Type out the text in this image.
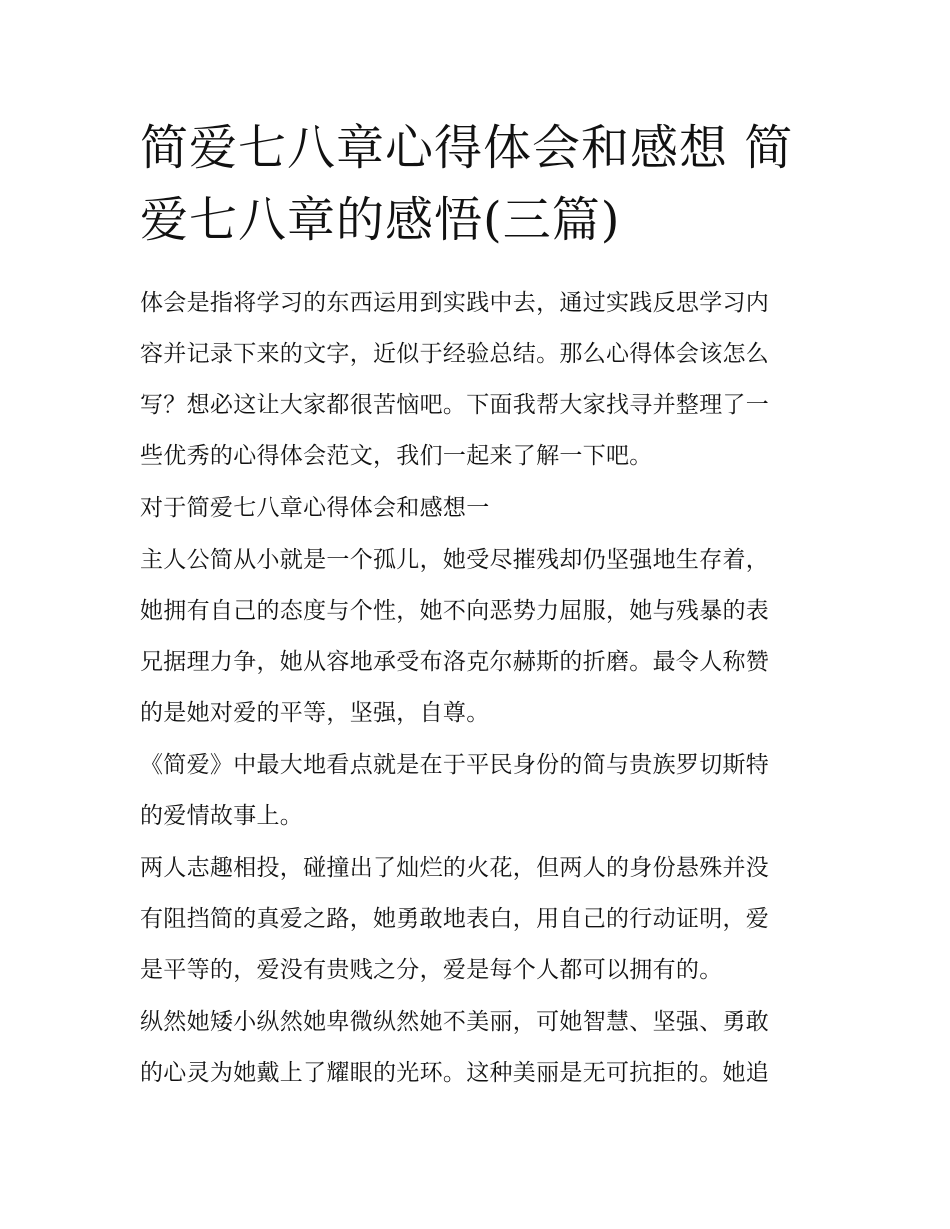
简爱七八章心得体会和感想 简
爱七八章的感悟(三篇)

体会是指将学习的东西运用到实践中去，通过实践反思学习内
容并记录下来的文字，近似于经验总结。那么心得体会该怎么
写？想必这让大家都很苦恼吧。下面我帮大家找寻并整理了一
些优秀的心得体会范文，我们一起来了解一下吧。

对于简爱七八章心得体会和感想一

主人公简从小就是一个孤儿，她受尽摧残却仍坚强地生存着，
她拥有自己的态度与个性，她不向恶势力屈服，她与残暴的表
兄据理力争，她从容地承受布洛克尔赫斯的折磨。最令人称赞
的是她对爱的平等，坚强，自尊。

《简爱》中最大地看点就是在于平民身份的简与贵族罗切斯特
的爱情故事上。

两人志趣相投，碰撞出了灿烂的火花，但两人的身份悬殊并没
有阻挡简的真爱之路，她勇敢地表白，用自己的行动证明，爱
是平等的，爱没有贵贱之分，爱是每个人都可以拥有的。

纵然她矮小纵然她卑微纵然她不美丽，可她智慧、坚强、勇敢
的心灵为她戴上了耀眼的光环。这种美丽是无可抗拒的。她追
